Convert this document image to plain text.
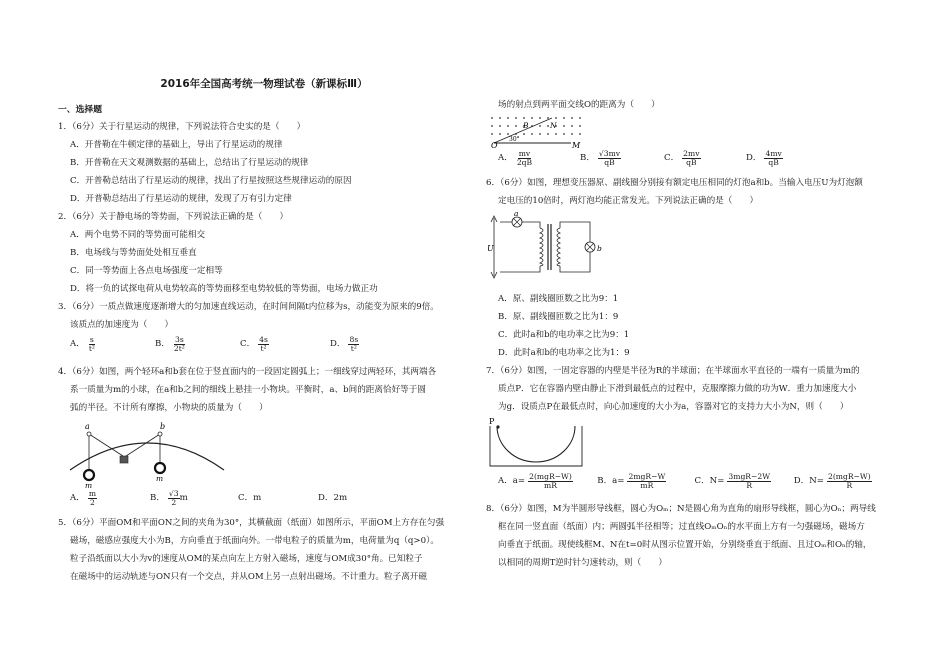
2016年全国高考统一物理试卷（新课标Ⅲ）
一、选择题
1．（6分）关于行星运动的规律，下列说法符合史实的是（　　）
A．开普勒在牛顿定律的基础上，导出了行星运动的规律
B．开普勒在天文观测数据的基础上，总结出了行星运动的规律
C．开普勒总结出了行星运动的规律，找出了行星按照这些规律运动的原因
D．开普勒总结出了行星运动的规律，发现了万有引力定律
2．（6分）关于静电场的等势面，下列说法正确的是（　　）
A．两个电势不同的等势面可能相交
B．电场线与等势面处处相互垂直
C．同一等势面上各点电场强度一定相等
D．将一负的试探电荷从电势较高的等势面移至电势较低的等势面，电场力做正功
3．（6分）一质点做速度逐渐增大的匀加速直线运动，在时间间隔t内位移为s，动能变为原来的9倍。
该质点的加速度为（　　）
A． $\frac{s}{\text{t²}}$	B． $\frac{3s}{\text{2t²}}$	C． $\frac{4s}{\text{t²}}$	D． $\frac{8s}{\text{t²}}$
4．（6分）如图，两个轻环a和b套在位于竖直面内的一段固定圆弧上；一细线穿过两轻环，其两端各
系一质量为m的小球，在a和b之间的细线上悬挂一小物块。平衡时，a、b间的距离恰好等于圆
弧的半径。不计所有摩擦，小物块的质量为（　　）
a	b
m
m
A． $\frac{m}{2}$	B． $\frac{√3}{2}$ m	C． m	D． 2m
5．（6分）平面OM和平面ON之间的夹角为30°，其横截面（纸面）如图所示，平面OM上方存在匀强
磁场，磁感应强度大小为B，方向垂直于纸面向外。一带电粒子的质量为m，电荷量为q（q>0）。
粒子沿纸面以大小为v的速度从OM的某点向左上方射入磁场，速度与OM成30°角。已知粒子
在磁场中的运动轨迹与ON只有一个交点，并从OM上另一点射出磁场。不计重力。粒子离开磁
场的射点到两平面交线O的距离为（　　）
O	M
N
B
30°
A． $\frac{mv}{2qB}$	B． $\frac{√3mv}{qB}$	C． $\frac{2mv}{qB}$	D． $\frac{4mv}{qB}$
6．（6分）如图，理想变压器原、副线圈分别接有额定电压相同的灯泡a和b。当输入电压U为灯泡额
定电压的10倍时，两灯泡均能正常发光。下列说法正确的是（　　）
U
a
b
A．原、副线圈匝数之比为9：1
B．原、副线圈匝数之比为1：9
C．此时a和b的电功率之比为9：1
D．此时a和b的电功率之比为1：9
7．（6分）如图，一固定容器的内壁是半径为R的半球面；在半球面水平直径的一端有一质量为m的
质点P．它在容器内壁由静止下滑到最低点的过程中，克服摩擦力做的功为W．重力加速度大小
为g．设质点P在最低点时，向心加速度的大小为a，容器对它的支持力大小为N，则（　　）
P
A．$a= \frac{\text{2(mgR−W)}}{mR}$	B．$a= \frac{\text{2mgR−W}}{mR}$	C．$N= \frac{\text{3mgR−2W}}{R}$	D．$N= \frac{\text{2(mgR−W)}}{R}$
8．（6分）如图，M为半圆形导线框，圆心为Oₘ；N是圆心角为直角的扇形导线框，圆心为Oₙ；两导线
框在同一竖直面（纸面）内；两圆弧半径相等；过直线OₘOₙ的水平面上方有一匀强磁场，磁场方
向垂直于纸面。现使线框M、N在t=0时从图示位置开始，分别绕垂直于纸面、且过Oₘ和Oₙ的轴，
以相同的周期T逆时针匀速转动，则（　　）
